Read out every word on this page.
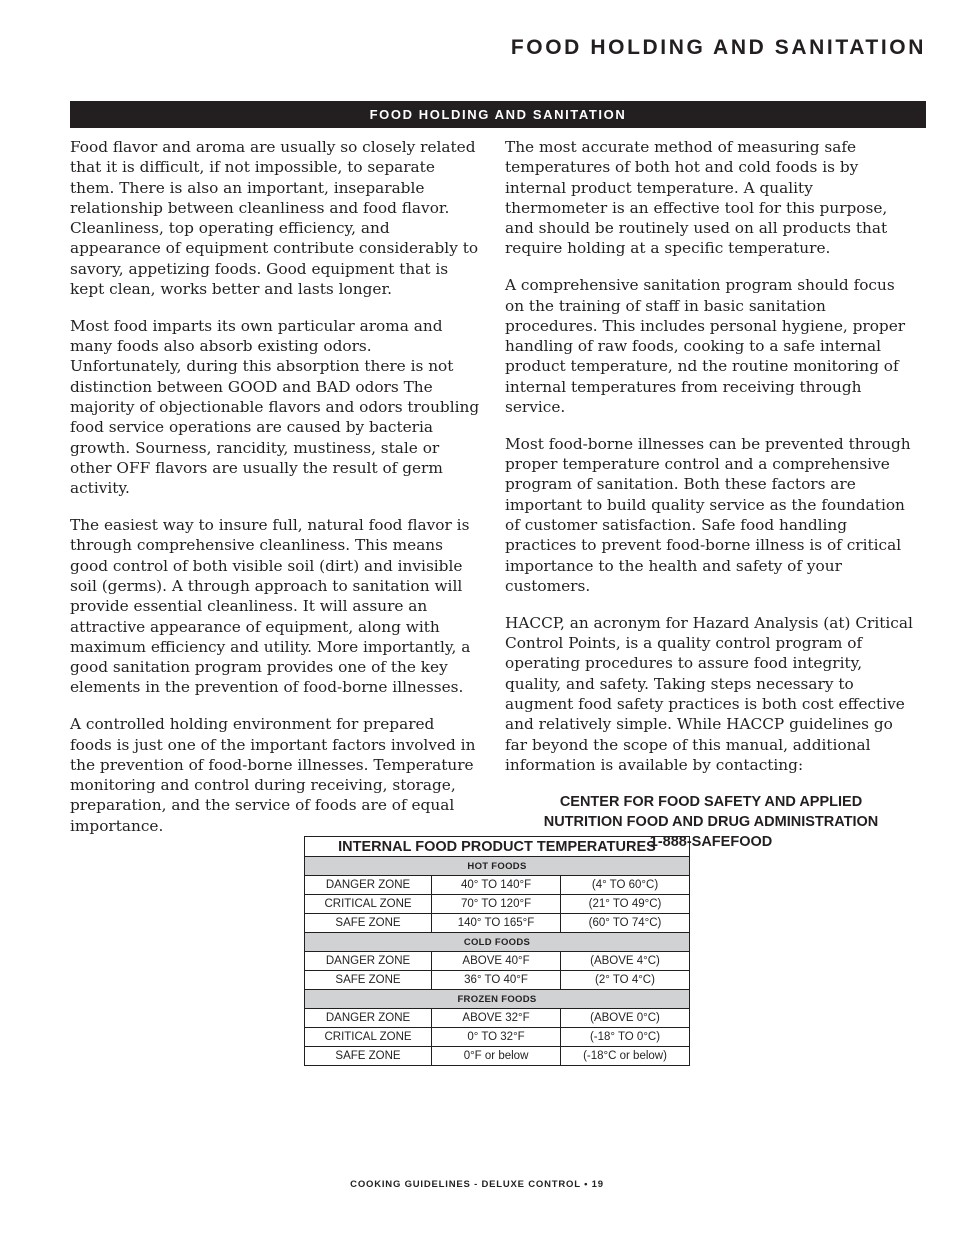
FOOD HOLDING AND SANITATION
FOOD HOLDING AND SANITATION

Food flavor and aroma are usually so closely related that it is difficult, if not impossible, to separate them. There is also an important, inseparable relationship between cleanliness and food flavor. Cleanliness, top operating efficiency, and appearance of equipment contribute considerably to savory, appetizing foods. Good equipment that is kept clean, works better and lasts longer.

Most food imparts its own particular aroma and many foods also absorb existing odors. Unfortunately, during this absorption there is not distinction between GOOD and BAD odors The majority of objectionable flavors and odors troubling food service operations are caused by bacteria growth. Sourness, rancidity, mustiness, stale or other OFF flavors are usually the result of germ activity.

The easiest way to insure full, natural food flavor is through comprehensive cleanliness. This means good control of both visible soil (dirt) and invisible soil (germs). A through approach to sanitation will provide essential cleanliness. It will assure an attractive appearance of equipment, along with maximum efficiency and utility. More importantly, a good sanitation program provides one of the key elements in the prevention of food-borne illnesses.

A controlled holding environment for prepared foods is just one of the important factors involved in the prevention of food-borne illnesses. Temperature monitoring and control during receiving, storage, preparation, and the service of foods are of equal importance.

The most accurate method of measuring safe temperatures of both hot and cold foods is by internal product temperature. A quality thermometer is an effective tool for this purpose, and should be routinely used on all products that require holding at a specific temperature.

A comprehensive sanitation program should focus on the training of staff in basic sanitation procedures. This includes personal hygiene, proper handling of raw foods, cooking to a safe internal product temperature, nd the routine monitoring of internal temperatures from receiving through service.

Most food-borne illnesses can be prevented through proper temperature control and a comprehensive program of sanitation. Both these factors are important to build quality service as the foundation of customer satisfaction. Safe food handling practices to prevent food-borne illness is of critical importance to the health and safety of your customers.

HACCP, an acronym for Hazard Analysis (at) Critical Control Points, is a quality control program of operating procedures to assure food integrity, quality, and safety. Taking steps necessary to augment food safety practices is both cost effective and relatively simple. While HACCP guidelines go far beyond the scope of this manual, additional information is available by contacting:

CENTER FOR FOOD SAFETY AND APPLIED
NUTRITION FOOD AND DRUG ADMINISTRATION
1-888-SAFEFOOD
INTERNAL FOOD PRODUCT TEMPERATURES		
HOT FOODS		
DANGER ZONE	40° TO 140°F	(4° TO 60°C)
CRITICAL ZONE	70° TO 120°F	(21° TO 49°C)
SAFE ZONE	140° TO 165°F	(60° TO 74°C)
COLD FOODS		
DANGER ZONE	ABOVE 40°F	(ABOVE 4°C)
SAFE ZONE	36° TO 40°F	(2° TO 4°C)
FROZEN FOODS		
DANGER ZONE	ABOVE 32°F	(ABOVE 0°C)
CRITICAL ZONE	0° TO 32°F	(-18° TO 0°C)
SAFE ZONE	0°F or below	(-18°C or below)
COOKING GUIDELINES - DELUXE CONTROL • 19
